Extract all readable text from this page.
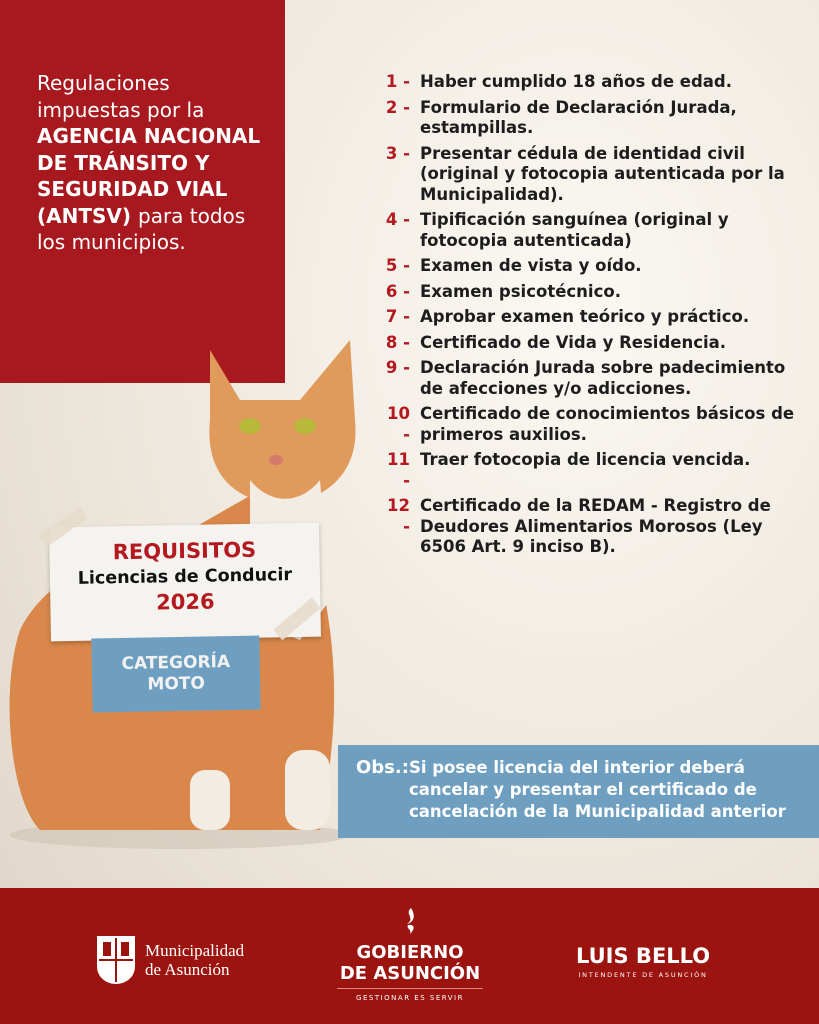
Regulaciones impuestas por la AGENCIA NACIONAL DE TRÁNSITO Y SEGURIDAD VIAL (ANTSV) para todos los municipios.
1 - Haber cumplido 18 años de edad.
2 - Formulario de Declaración Jurada, estampillas.
3 - Presentar cédula de identidad civil (original y fotocopia autenticada por la Municipalidad).
4 - Tipificación sanguínea (original y fotocopia autenticada)
5 - Examen de vista y oído.
6 - Examen psicotécnico.
7 - Aprobar examen teórico y práctico.
8 - Certificado de Vida y Residencia.
9 - Declaración Jurada sobre padecimiento de afecciones y/o adicciones.
10 -
Certificado de conocimientos básicos de primeros auxilios.
11 -
Traer fotocopia de licencia vencida.
12 -
Certificado de la REDAM - Registro de Deudores Alimentarios Morosos (Ley 6506 Art. 9 inciso B).
REQUISITOS
Licencias de Conducir
2026
CATEGORÍA
MOTO
Obs.: Si posee licencia del interior deberá cancelar y presentar el certificado de cancelación de la Municipalidad anterior
Municipalidad
de Asunción
GOBIERNO
DE ASUNCIÓN
GESTIONAR ES SERVIR
LUIS BELLO
INTENDENTE DE ASUNCIÓN
